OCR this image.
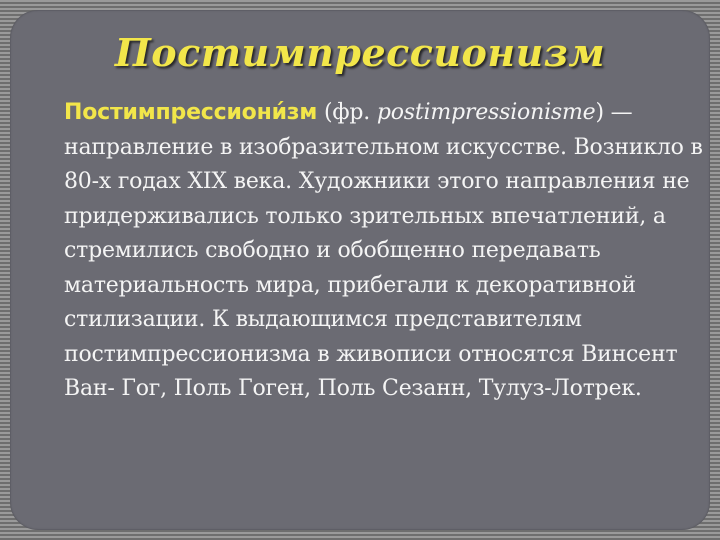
Постимпрессионизм

Постимпрессиони́зм (фр. postimpressionisme) — направление в изобразительном искусстве. Возникло в 80-х годах XIX века. Художники этого направления не придерживались только зрительных впечатлений, а стремились свободно и обобщенно передавать материальность мира, прибегали к декоративной стилизации. К выдающимся представителям постимпрессионизма в живописи относятся Винсент Ван- Гог, Поль Гоген, Поль Сезанн, Тулуз-Лотрек.
